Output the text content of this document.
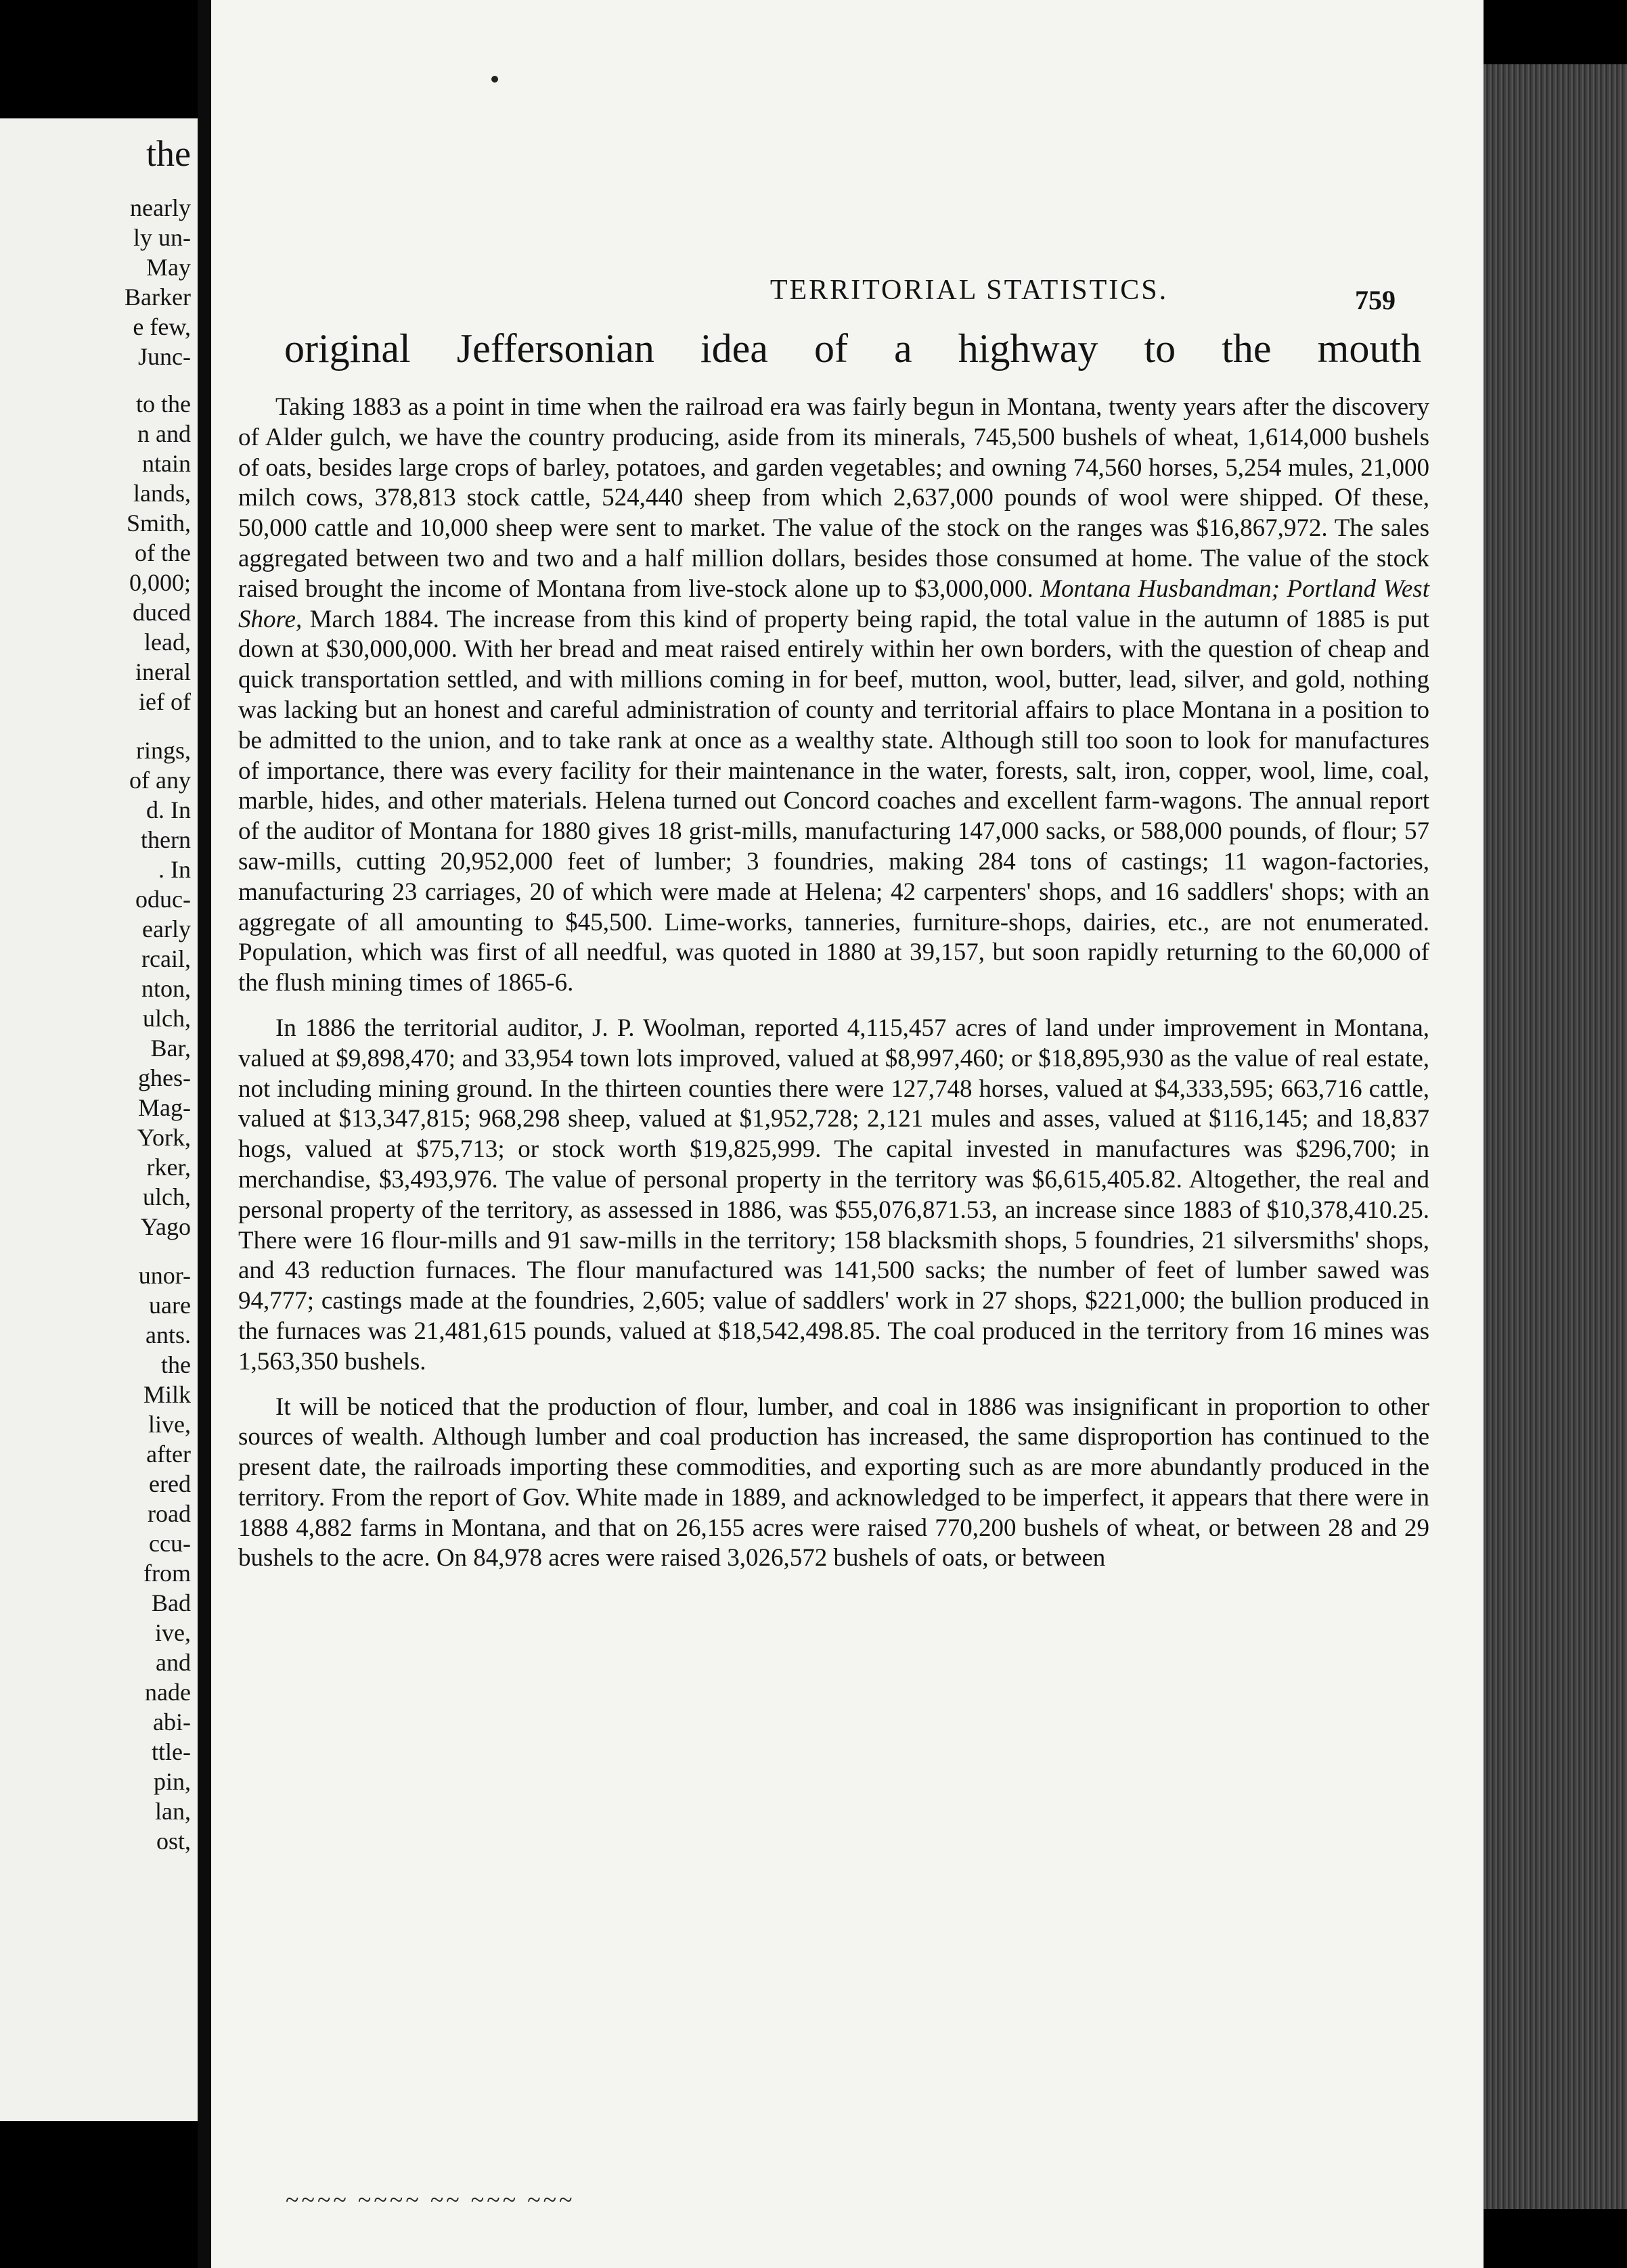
the
nearly
ly un-
May
Barker
e few,
Junc-
to the
n and
ntain
lands,
Smith,
of the
0,000;
duced
lead,
ineral
ief of
rings,
of any
d. In
thern
. In
oduc-
early
rcail,
nton,
ulch,
Bar,
ghes-
Mag-
York,
rker,
ulch,
Yago
unor-
uare
ants.
the
Milk
live,
after
ered
road
ccu-
from
Bad
ive,
and
nade
abi-
ttle-
pin,
lan,
ost,
TERRITORIAL STATISTICS.	759
original Jeffersonian idea of a highway to the mouth

Taking 1883 as a point in time when the railroad era was fairly begun in Montana, twenty years after the discovery of Alder gulch, we have the country producing, aside from its minerals, 745,500 bushels of wheat, 1,614,000 bushels of oats, besides large crops of barley, potatoes, and garden vegetables; and owning 74,560 horses, 5,254 mules, 21,000 milch cows, 378,813 stock cattle, 524,440 sheep from which 2,637,000 pounds of wool were shipped. Of these, 50,000 cattle and 10,000 sheep were sent to market. The value of the stock on the ranges was $16,867,972. The sales aggregated between two and two and a half million dollars, besides those consumed at home. The value of the stock raised brought the income of Montana from live-stock alone up to $3,000,000. Montana Husbandman; Portland West Shore, March 1884. The increase from this kind of property being rapid, the total value in the autumn of 1885 is put down at $30,000,000. With her bread and meat raised entirely within her own borders, with the question of cheap and quick transportation settled, and with millions coming in for beef, mutton, wool, butter, lead, silver, and gold, nothing was lacking but an honest and careful administration of county and territorial affairs to place Montana in a position to be admitted to the union, and to take rank at once as a wealthy state. Although still too soon to look for manufactures of importance, there was every facility for their maintenance in the water, forests, salt, iron, copper, wool, lime, coal, marble, hides, and other materials. Helena turned out Concord coaches and excellent farm-wagons. The annual report of the auditor of Montana for 1880 gives 18 grist-mills, manufacturing 147,000 sacks, or 588,000 pounds, of flour; 57 saw-mills, cutting 20,952,000 feet of lumber; 3 foundries, making 284 tons of castings; 11 wagon-factories, manufacturing 23 carriages, 20 of which were made at Helena; 42 carpenters' shops, and 16 saddlers' shops; with an aggregate of all amounting to $45,500. Lime-works, tanneries, furniture-shops, dairies, etc., are not enumerated. Population, which was first of all needful, was quoted in 1880 at 39,157, but soon rapidly returning to the 60,000 of the flush mining times of 1865-6.

In 1886 the territorial auditor, J. P. Woolman, reported 4,115,457 acres of land under improvement in Montana, valued at $9,898,470; and 33,954 town lots improved, valued at $8,997,460; or $18,895,930 as the value of real estate, not including mining ground. In the thirteen counties there were 127,748 horses, valued at $4,333,595; 663,716 cattle, valued at $13,347,815; 968,298 sheep, valued at $1,952,728; 2,121 mules and asses, valued at $116,145; and 18,837 hogs, valued at $75,713; or stock worth $19,825,999. The capital invested in manufactures was $296,700; in merchandise, $3,493,976. The value of personal property in the territory was $6,615,405.82. Altogether, the real and personal property of the territory, as assessed in 1886, was $55,076,871.53, an increase since 1883 of $10,378,410.25. There were 16 flour-mills and 91 saw-mills in the territory; 158 blacksmith shops, 5 foundries, 21 silversmiths' shops, and 43 reduction furnaces. The flour manufactured was 141,500 sacks; the number of feet of lumber sawed was 94,777; castings made at the foundries, 2,605; value of saddlers' work in 27 shops, $221,000; the bullion produced in the furnaces was 21,481,615 pounds, valued at $18,542,498.85. The coal produced in the territory from 16 mines was 1,563,350 bushels.

It will be noticed that the production of flour, lumber, and coal in 1886 was insignificant in proportion to other sources of wealth. Although lumber and coal production has increased, the same disproportion has continued to the present date, the railroads importing these commodities, and exporting such as are more abundantly produced in the territory. From the report of Gov. White made in 1889, and acknowledged to be imperfect, it appears that there were in 1888 4,882 farms in Montana, and that on 26,155 acres were raised 770,200 bushels of wheat, or between 28 and 29 bushels to the acre. On 84,978 acres were raised 3,026,572 bushels of oats, or between

~~~~ ~~~~ ~~ ~~~ ~~~
